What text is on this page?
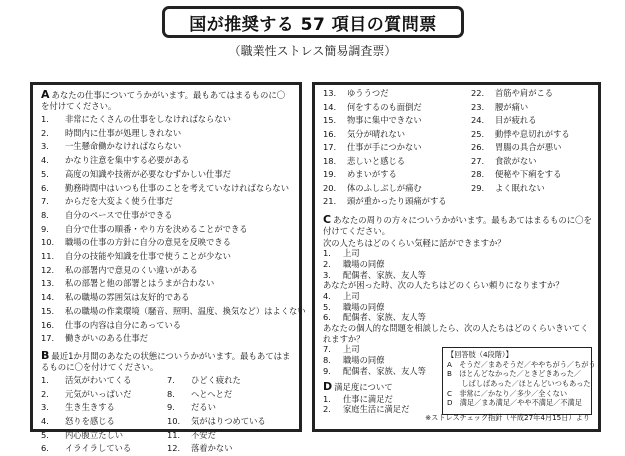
国が推奨する 57 項目の質問票
（職業性ストレス簡易調査票）
A あなたの仕事についてうかがいます。最もあてはまるものに〇を付けてください。
1.	非常にたくさんの仕事をしなければならない
2.	時間内に仕事が処理しきれない
3.	一生懸命働かなければならない
4.	かなり注意を集中する必要がある
5.	高度の知識や技術が必要なむずかしい仕事だ
6.	勤務時間中はいつも仕事のことを考えていなければならない
7.	からだを大変よく使う仕事だ
8.	自分のペースで仕事ができる
9.	自分で仕事の順番・やり方を決めることができる
10.	職場の仕事の方針に自分の意見を反映できる
11.	自分の技能や知識を仕事で使うことが少ない
12.	私の部署内で意見のくい違いがある
13.	私の部署と他の部署とはうまが合わない
14.	私の職場の雰囲気は友好的である
15.	私の職場の作業環境（騒音、照明、温度、換気など）はよくない
16.	仕事の内容は自分にあっている
17.	働きがいのある仕事だ
B 最近1か月間のあなたの状態についうかがいます。最もあてはまるものに〇を付けてください。
1.	活気がわいてくる
2.	元気がいっぱいだ
3.	生き生きする
4.	怒りを感じる
5.	内心腹立たしい
6.	イライラしている
7.	ひどく疲れた
8.	へとへとだ
9.	だるい
10.	気がはりつめている
11.	不安だ
12.	落着かない
13.	ゆううつだ
14.	何をするのも面倒だ
15.	物事に集中できない
16.	気分が晴れない
17.	仕事が手につかない
18.	悲しいと感じる
19.	めまいがする
20.	体のふしぶしが痛む
21.	頭が重かったり頭痛がする
22.	首筋や肩がこる
23.	腰が痛い
24.	目が疲れる
25.	動悸や息切れがする
26.	胃腸の具合が悪い
27.	食欲がない
28.	便秘や下痢をする
29.	よく眠れない
C あなたの周りの方々についうかがいます。最もあてはまるものに〇を付けてください。
次の人たちはどのくらい気軽に話ができますか？
1.	上司
2.	職場の同僚
3.	配偶者、家族、友人等
あなたが困った時、次の人たちはどのくらい頼りになりますか？
4.	上司
5.	職場の同僚
6.	配偶者、家族、友人等
あなたの個人的な問題を相談したら、次の人たちはどのくらいきいてくれますか？
7.	上司
8.	職場の同僚
9.	配偶者、家族、友人等
D 満足度について
1.	仕事に満足だ
2.	家庭生活に満足だ
【回答肢（4段階）】
A　そうだ／まあそうだ／ややちがう／ちがう
B　ほとんどなかった／ときどきあった／
　　しばしばあった／ほとんどいつもあった
C　非常に／かなり／多少／全くない
D　満足／まあ満足／やや不満足／不満足
※ストレスチェック指針（平成27年4月15日）より
